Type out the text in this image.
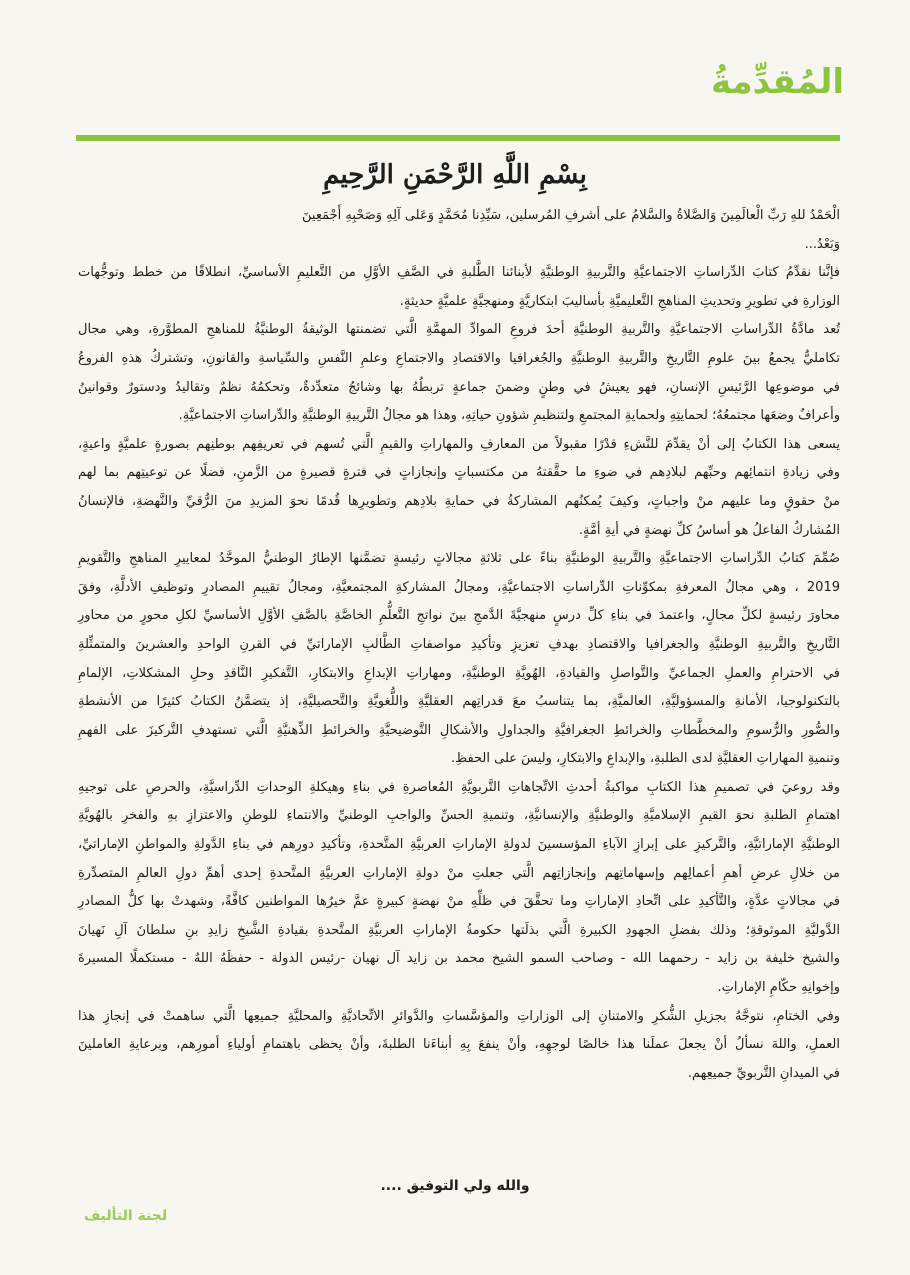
المُقدِّمةُ
بِسْمِ اللَّهِ الرَّحْمَنِ الرَّحِيمِ
الْحَمْدُ للهِ رَبِّ الْعالَمِينَ وَالصَّلاةُ والسَّلامُ على أشرفِ المُرسلين، سَيِّدِنا مُحَمَّدٍ وَعَلى آلِهِ وَصَحْبِهِ أَجْمَعِينَ
وَبَعْدُ...
فإنَّنا نقدِّمُ كتابَ الدِّراساتِ الاجتماعيَّةِ والتَّربيةِ الوطنيَّةِ لأبنائنا الطَّلبةِ في الصَّفِ الأوَّلِ من التَّعليمِ الأساسيِّ، انطلاقًا من خطط وتوجُّهات
الوزارةِ في تطويرِ وتحديثِ المناهجِ التَّعليميَّةِ بأساليبَ ابتكاريَّةٍ ومنهجيَّةٍ علميَّةٍ حديثةٍ.
تُعد مادَّةُ الدِّراساتِ الاجتماعيَّةِ والتَّربيةِ الوطنيَّةِ أحدَ فروعِ الموادِّ المهمَّةِ الَّتي تضمنتها الوثيقةُ الوطنيَّةُ للمناهجِ المطوَّرةِ، وهي مجال
تكامليٌّ يجمعُ بينَ علومِ التَّاريخِ والتَّربيةِ الوطنيَّةِ والجُغرافيا والاقتصادِ والاجتماعِ وعلمِ النَّفسِ والسِّياسةِ والقانونِ، وتشتركُ هذهِ الفروعُ
في موضوعِها الرَّئيسِ الإنسانِ، فهو يعيشُ في وطنٍ وضمنَ جماعةٍ تربطُهُ بها وشائجُ متعدِّدةٌ، وتحكمُهُ نظمٌ وتقاليدُ ودستورٌ وقوانينُ
وأعرافٌ وضعَها مجتمعُهُ؛ لحمايتِهِ ولحمايةِ المجتمعِ ولتنظيمِ شؤونِ حياتِهِ، وهذا هو مجالُ التَّربيةِ الوطنيَّةِ والدِّراساتِ الاجتماعيَّةِ.
يسعى هذا الكتابُ إلى أنْ يقدِّمَ للنَّشءِ قدْرًا مقبولاً من المعارفِ والمهاراتِ والقيمِ الَّتي تُسهم في تعريفِهم بوطنِهم بصورةٍ علميَّةٍ واعيةٍ،
وفي زيادةِ انتمائِهم وحبِّهم لبلادِهم في ضوءِ ما حقَّقتهُ من مكتسباتٍ وإنجازاتٍ في فترةٍ قصيرةٍ من الزَّمنِ، فضلًا عن توعيتِهم بما لهم
منْ حقوقٍ وما عليهم منْ واجباتٍ، وكيفَ يُمكنُهم المشاركةُ في حمايةِ بلادِهم وتطويرِها قُدمًا نحوَ المزيدِ منَ الرُّقيِّ والنَّهضةِ، فالإنسانُ
المُشاركُ الفاعلُ هو أساسُ كلِّ نهضةٍ في أيةِ أمَّةٍ.
صُمِّمَ كتابُ الدِّراساتِ الاجتماعيَّةِ والتَّربيةِ الوطنيَّةِ بناءً على ثلاثةِ مجالاتٍ رئيسةٍ تضمَّنها الإطارُ الوطنيُّ الموحَّدُ لمعاييرِ المناهجِ والتَّقويمِ
2019 ، وهي مجالُ المعرفةِ بمكوِّناتِ الدِّراساتِ الاجتماعيَّةِ، ومجالُ المشاركةِ المجتمعيَّةِ، ومجالُ تقييمِ المصادرِ وتوظيفِ الأدلَّةِ، وفقَ
محاورَ رئيسةٍ لكلِّ مجالٍ، واعتمدَ في بناءِ كلِّ درسٍ منهجيَّةَ الدَّمجِ بينَ نواتجِ التَّعلُّمِ الخاصَّةِ بالصَّفِ الأوَّلِ الأساسيِّ لكلِ محورٍ من محاورِ
التَّاريخِ والتَّربيةِ الوطنيَّةِ والجغرافيا والاقتصادِ بهدفِ تعزيزِ وتأكيدِ مواصفاتِ الطَّالبِ الإماراتيِّ في القرنِ الواحدِ والعشرينَ والمتمثِّلةِ
في الاحترامِ والعملِ الجماعيِّ والتَّواصلِ والقيادةِ، الهُويَّةِ الوطنيَّةِ، ومهاراتِ الإبداعِ والابتكارِ، التَّفكيرِ النَّاقدِ وحلِ المشكلاتِ، الإلمامِ
بالتكنولوجيا، الأمانةِ والمسؤوليَّةِ، العالميَّةِ، بما يتناسبُ معَ قدراتِهم العقليَّةِ واللُّغويَّةِ والتَّحصيليَّةِ، إذ يتضمَّنُ الكتابُ كثيرًا من الأنشطةِ
والصُّورِ والرُّسومِ والمخطَّطاتِ والخرائطِ الجغرافيَّةِ والجداولِ والأشكالِ التَّوضيحيَّةِ والخرائطِ الذِّهنيَّةِ الَّتي تستهدفِ التَّركيزَ على الفهمِ
وتنميةِ المهاراتِ العقليَّةِ لدى الطلبةِ، والإبداعِ والابتكارِ، وليسَ على الحفظِ.
وقد روعيَ في تصميمِ هذا الكتابِ مواكبةُ أحدثِ الاتِّجاهاتِ التَّربويَّةِ المُعاصرةِ في بناءِ وهيكلةِ الوحداتِ الدِّراسيَّةِ، والحرصِ على توجيهِ
اهتمامِ الطلبةِ نحوَ القيمِ الإسلاميَّةِ والوطنيَّةِ والإنسانيَّةِ، وتنميةِ الحسِّ والواجبِ الوطنيِّ والانتماءِ للوطنِ والاعتزازِ بهِ والفخرِ بالهُويَّةِ
الوطنيَّةِ الإماراتيَّةِ، والتَّركيزِ على إبرازِ الآباءِ المؤسسينَ لدولةِ الإماراتِ العربيَّةِ المتَّحدةِ، وتأكيدِ دورِهم في بناءِ الدَّولةِ والمواطنِ الإماراتيِّ،
من خلالِ عرضِ أهمِ أعمالِهم وإسهاماتِهم وإنجازاتِهم الَّتي جعلتِ منْ دولةِ الإماراتِ العربيَّةِ المتَّحدةِ إحدى أهمِّ دولِ العالمِ المتصدِّرةِ
في مجالاتٍ عدَّةٍ، والتَّأكيدِ على اتِّحادِ الإماراتِ وما تحقَّقَ في ظلِّهِ منْ نهضةٍ كبيرةٍ عمَّ خيرُها المواطنين كافَّةً، وشهدتْ بها كلُّ المصادرِ
الدَّوليَّةِ الموثوقةِ؛ وذلك بفضلِ الجهودِ الكبيرةِ الَّتي بذلَتها حكومةُ الإماراتِ العربيَّةِ المتَّحدةِ بقيادةِ الشَّيخِ زايدِ بنِ سلطانَ آلِ نَهيانَ
والشيخ خليفة بن زايد - رحمهما الله - وصاحب السمو الشيخ محمد بن زايد آل نهيان -رئيس الدولة - حفظَهُ اللهُ - مستكملًا المسيرةَ
وإخوانِهِ حكّامِ الإماراتِ.
وفي الختامِ، نتوجَّهُ بجزيلِ الشُّكرِ والامتنانِ إلى الوزاراتِ والمؤسَّساتِ والدَّوائرِ الاتِّحاديَّةِ والمحليَّةِ جميعِها الَّتي ساهمتْ في إنجازِ هذا
العملِ، واللهَ نسألُ أنْ يجعلَ عملَنا هذا خالصًا لوجهِهِ، وأنْ ينفعَ بِهِ أبناءَنا الطلبةَ، وأنْ يحظى باهتمامِ أولياءِ أمورِهم، وبرعايةِ العاملينَ
في الميدانِ التَّربويِّ جميعِهم.
والله ولي التوفيق ....
لجنة التأليف
